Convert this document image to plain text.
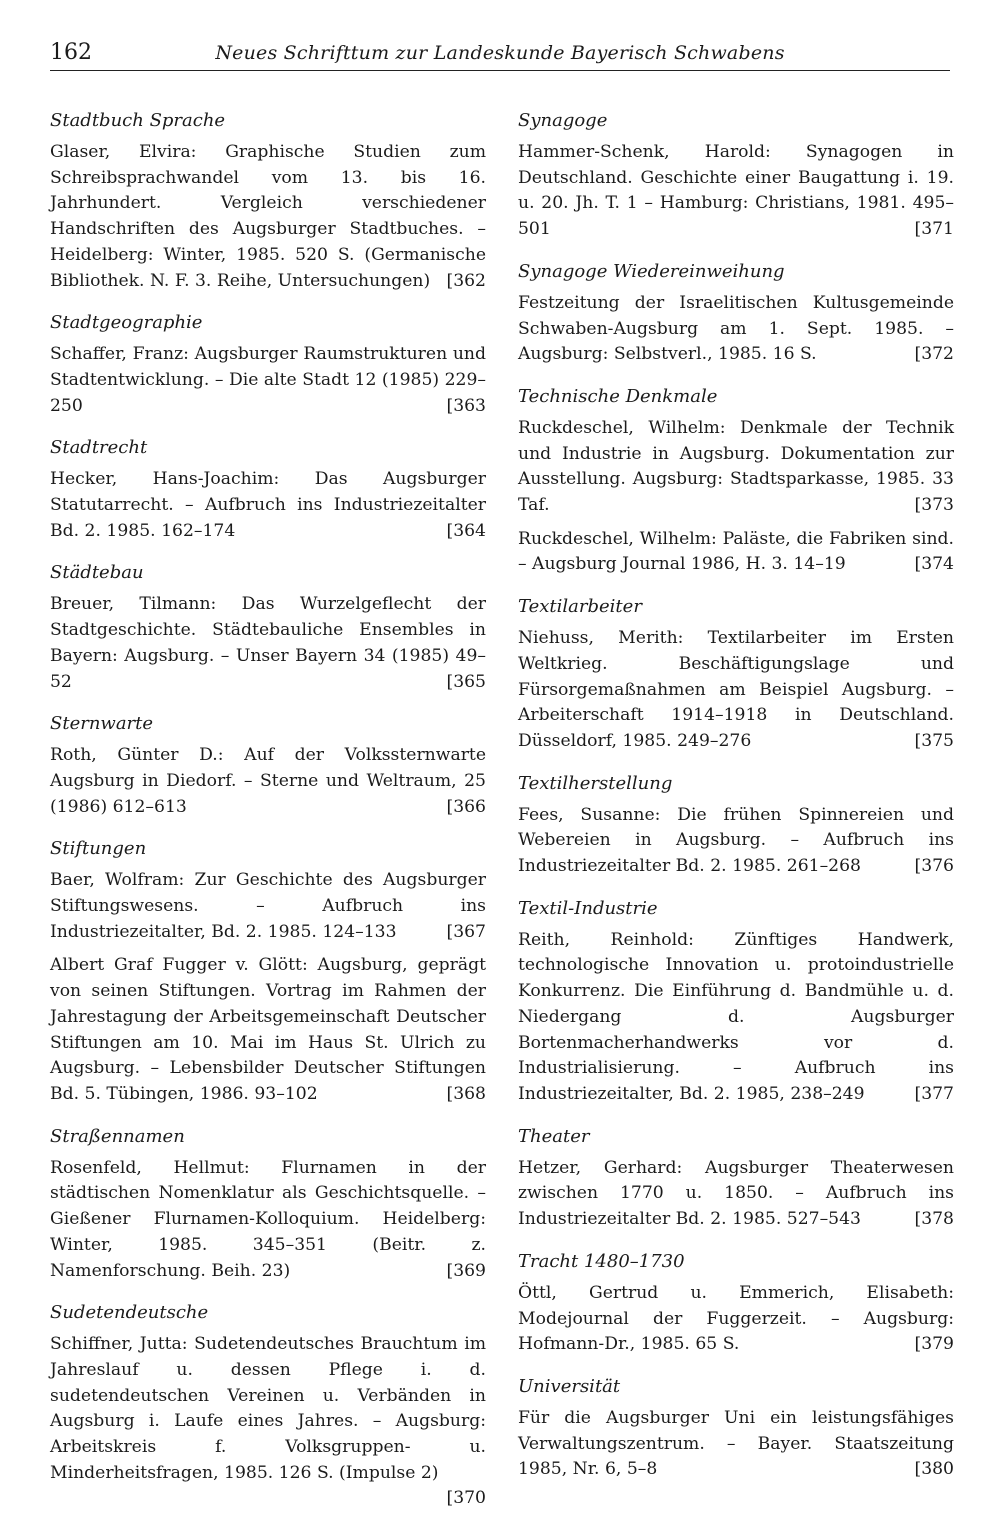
162	Neues Schrifttum zur Landeskunde Bayerisch Schwabens
Stadtbuch Sprache

Glaser, Elvira: Graphische Studien zum Schreibsprachwandel vom 13. bis 16. Jahrhundert. Vergleich verschiedener Handschriften des Augsburger Stadtbuches. – Heidelberg: Winter, 1985. 520 S. (Germanische Bibliothek. N. F. 3. Reihe, Untersuchungen) [362

Stadtgeographie

Schaffer, Franz: Augsburger Raumstrukturen und Stadtentwicklung. – Die alte Stadt 12 (1985) 229–250	[363

Stadtrecht

Hecker, Hans-Joachim: Das Augsburger Statutarrecht. – Aufbruch ins Industriezeitalter Bd. 2. 1985. 162–174	[364

Städtebau

Breuer, Tilmann: Das Wurzelgeflecht der Stadtgeschichte. Städtebauliche Ensembles in Bayern: Augsburg. – Unser Bayern 34 (1985) 49–52	[365

Sternwarte

Roth, Günter D.: Auf der Volkssternwarte Augsburg in Diedorf. – Sterne und Weltraum, 25 (1986) 612–613	[366

Stiftungen

Baer, Wolfram: Zur Geschichte des Augsburger Stiftungswesens. – Aufbruch ins Industriezeitalter, Bd. 2. 1985. 124–133	[367

Albert Graf Fugger v. Glött: Augsburg, geprägt von seinen Stiftungen. Vortrag im Rahmen der Jahrestagung der Arbeitsgemeinschaft Deutscher Stiftungen am 10. Mai im Haus St. Ulrich zu Augsburg. – Lebensbilder Deutscher Stiftungen Bd. 5. Tübingen, 1986. 93–102	[368

Straßennamen

Rosenfeld, Hellmut: Flurnamen in der städtischen Nomenklatur als Geschichtsquelle. – Gießener Flurnamen-Kolloquium. Heidelberg: Winter, 1985. 345–351 (Beitr. z. Namenforschung. Beih. 23)	[369

Sudetendeutsche

Schiffner, Jutta: Sudetendeutsches Brauchtum im Jahreslauf u. dessen Pflege i. d. sudetendeutschen Vereinen u. Verbänden in Augsburg i. Laufe eines Jahres. – Augsburg: Arbeitskreis f. Volksgruppen- u. Minderheitsfragen, 1985. 126 S. (Impulse 2)
[370

Synagoge

Hammer-Schenk, Harold: Synagogen in Deutschland. Geschichte einer Baugattung i. 19. u. 20. Jh. T. 1 – Hamburg: Christians, 1981. 495–501	[371

Synagoge Wiedereinweihung

Festzeitung der Israelitischen Kultusgemeinde Schwaben-Augsburg am 1. Sept. 1985. – Augsburg: Selbstverl., 1985. 16 S.	[372

Technische Denkmale

Ruckdeschel, Wilhelm: Denkmale der Technik und Industrie in Augsburg. Dokumentation zur Ausstellung. Augsburg: Stadtsparkasse, 1985. 33 Taf.	[373

Ruckdeschel, Wilhelm: Paläste, die Fabriken sind. – Augsburg Journal 1986, H. 3. 14–19	[374

Textilarbeiter

Niehuss, Merith: Textilarbeiter im Ersten Weltkrieg. Beschäftigungslage und Fürsorgemaßnahmen am Beispiel Augsburg. – Arbeiterschaft 1914–1918 in Deutschland. Düsseldorf, 1985. 249–276	[375

Textilherstellung

Fees, Susanne: Die frühen Spinnereien und Webereien in Augsburg. – Aufbruch ins Industriezeitalter Bd. 2. 1985. 261–268	[376

Textil-Industrie

Reith, Reinhold: Zünftiges Handwerk, technologische Innovation u. protoindustrielle Konkurrenz. Die Einführung d. Bandmühle u. d. Niedergang d. Augsburger Bortenmacherhandwerks vor d. Industrialisierung. – Aufbruch ins Industriezeitalter, Bd. 2. 1985, 238–249	[377

Theater

Hetzer, Gerhard: Augsburger Theaterwesen zwischen 1770 u. 1850. – Aufbruch ins Industriezeitalter Bd. 2. 1985. 527–543	[378

Tracht 1480–1730

Öttl, Gertrud u. Emmerich, Elisabeth: Modejournal der Fuggerzeit. – Augsburg: Hofmann-Dr., 1985. 65 S.	[379

Universität

Für die Augsburger Uni ein leistungsfähiges Verwaltungszentrum. – Bayer. Staatszeitung 1985, Nr. 6, 5–8	[380
